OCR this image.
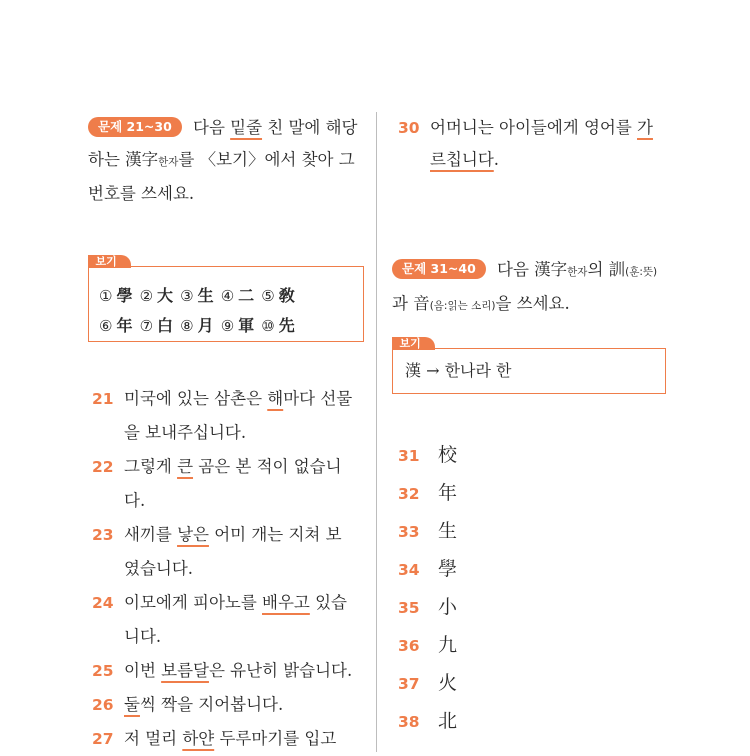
문제 21~30 다음 밑줄 친 말에 해당
하는 漢字한자를 〈보기〉에서 찾아 그
번호를 쓰세요.

보기
① 學 ② 大 ③ 生 ④ 二 ⑤ 敎
⑥ 年 ⑦ 白 ⑧ 月 ⑨ 軍 ⑩ 先

21 미국에 있는 삼촌은 해마다 선물
을 보내주십니다.

22 그렇게 큰 곰은 본 적이 없습니
다.

23 새끼를 낳은 어미 개는 지쳐 보
였습니다.

24 이모에게 피아노를 배우고 있습
니다.

25 이번 보름달은 유난히 밝습니다.

26 둘씩 짝을 지어봅니다.

27 저 멀리 하얀 두루마기를 입고

30 어머니는 아이들에게 영어를 가
르칩니다.

문제 31~40 다음 漢字한자의 訓(훈:뜻)
과 音(음:읽는 소리)을 쓰세요.

보기
漢 → 한나라 한
31 校
32 年
33 生
34 學
35 小
36 九
37 火
38 北
